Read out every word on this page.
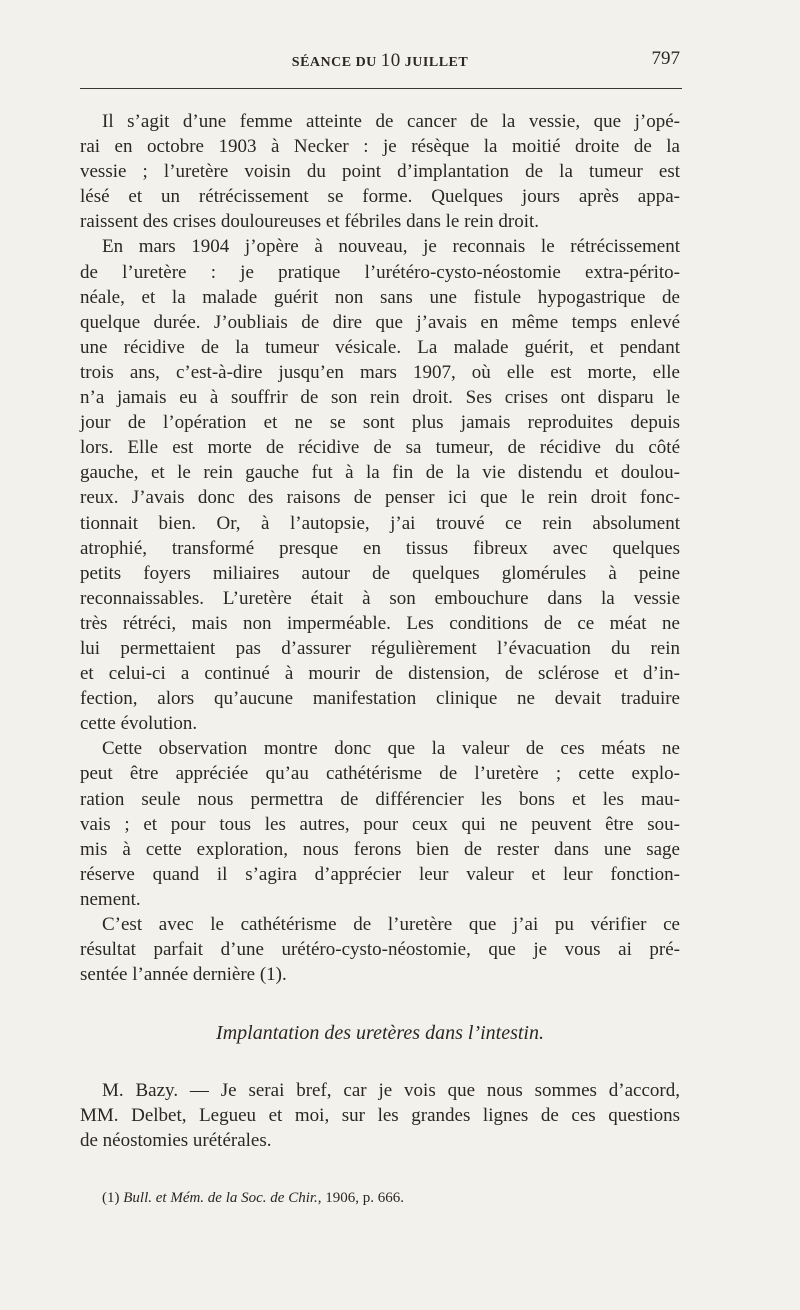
SÉANCE DU 10 JUILLET	797
Il s’agit d’une femme atteinte de cancer de la vessie, que j’opé-
rai en octobre 1903 à Necker : je résèque la moitié droite de la
vessie ; l’uretère voisin du point d’implantation de la tumeur est
lésé et un rétrécissement se forme. Quelques jours après appa-
raissent des crises douloureuses et fébriles dans le rein droit.
En mars 1904 j’opère à nouveau, je reconnais le rétrécissement
de l’uretère : je pratique l’urétéro-cysto-néostomie extra-périto-
néale, et la malade guérit non sans une fistule hypogastrique de
quelque durée. J’oubliais de dire que j’avais en même temps enlevé
une récidive de la tumeur vésicale. La malade guérit, et pendant
trois ans, c’est-à-dire jusqu’en mars 1907, où elle est morte, elle
n’a jamais eu à souffrir de son rein droit. Ses crises ont disparu le
jour de l’opération et ne se sont plus jamais reproduites depuis
lors. Elle est morte de récidive de sa tumeur, de récidive du côté
gauche, et le rein gauche fut à la fin de la vie distendu et doulou-
reux. J’avais donc des raisons de penser ici que le rein droit fonc-
tionnait bien. Or, à l’autopsie, j’ai trouvé ce rein absolument
atrophié, transformé presque en tissus fibreux avec quelques
petits foyers miliaires autour de quelques glomérules à peine
reconnaissables. L’uretère était à son embouchure dans la vessie
très rétréci, mais non imperméable. Les conditions de ce méat ne
lui permettaient pas d’assurer régulièrement l’évacuation du rein
et celui-ci a continué à mourir de distension, de sclérose et d’in-
fection, alors qu’aucune manifestation clinique ne devait traduire
cette évolution.
Cette observation montre donc que la valeur de ces méats ne
peut être appréciée qu’au cathétérisme de l’uretère ; cette explo-
ration seule nous permettra de différencier les bons et les mau-
vais ; et pour tous les autres, pour ceux qui ne peuvent être sou-
mis à cette exploration, nous ferons bien de rester dans une sage
réserve quand il s’agira d’apprécier leur valeur et leur fonction-
nement.
C’est avec le cathétérisme de l’uretère que j’ai pu vérifier ce
résultat parfait d’une urétéro-cysto-néostomie, que je vous ai pré-
sentée l’année dernière (1).
Implantation des uretères dans l’intestin.
M. Bazy. — Je serai bref, car je vois que nous sommes d’accord,
MM. Delbet, Legueu et moi, sur les grandes lignes de ces questions
de néostomies urétérales.
(1) Bull. et Mém. de la Soc. de Chir., 1906, p. 666.
